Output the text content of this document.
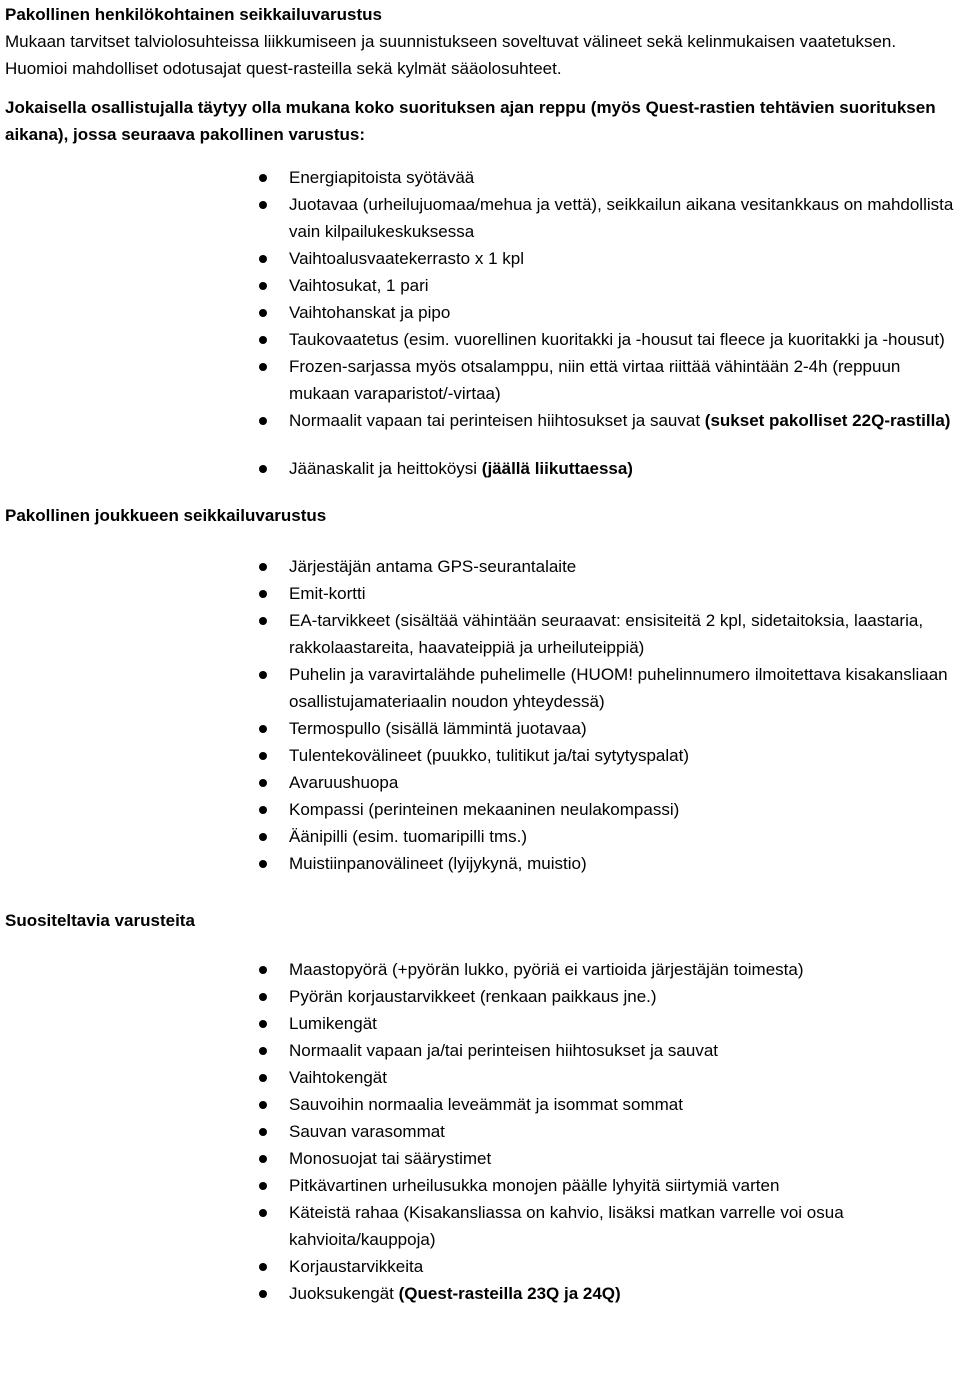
Pakollinen henkilökohtainen seikkailuvarustus
Mukaan tarvitset talviolosuhteissa liikkumiseen ja suunnistukseen soveltuvat välineet sekä kelinmukaisen vaatetuksen. Huomioi mahdolliset odotusajat quest-rasteilla sekä kylmät sääolosuhteet.
Jokaisella osallistujalla täytyy olla mukana koko suorituksen ajan reppu (myös Quest-rastien tehtävien suorituksen aikana), jossa seuraava pakollinen varustus:
Energiapitoista syötävää
Juotavaa (urheilujuomaa/mehua ja vettä), seikkailun aikana vesitankkaus on mahdollista vain kilpailukeskuksessa
Vaihtoalusvaatekerrasto x 1 kpl
Vaihtosukat, 1 pari
Vaihtohanskat ja pipo
Taukovaatetus (esim. vuorellinen kuoritakki ja -housut tai fleece ja kuoritakki ja -housut)
Frozen-sarjassa myös otsalamppu, niin että virtaa riittää vähintään 2-4h (reppuun mukaan varaparistot/-virtaa)
Normaalit vapaan tai perinteisen hiihtosukset ja sauvat (sukset pakolliset 22Q-rastilla)
Jäänaskalit ja heittoköysi (jäällä liikuttaessa)
Pakollinen joukkueen seikkailuvarustus
Järjestäjän antama GPS-seurantalaite
Emit-kortti
EA-tarvikkeet (sisältää vähintään seuraavat: ensisiteitä 2 kpl, sidetaitoksia, laastaria, rakkolaastareita, haavateippiä ja urheiluteippiä)
Puhelin ja varavirtalähde puhelimelle (HUOM! puhelinnumero ilmoitettava kisakansliaan osallistujamateriaalin noudon yhteydessä)
Termospullo (sisällä lämmintä juotavaa)
Tulentekovälineet (puukko, tulitikut ja/tai sytytyspalat)
Avaruushuopa
Kompassi (perinteinen mekaaninen neulakompassi)
Äänipilli (esim. tuomaripilli tms.)
Muistiinpanovälineet (lyijykynä, muistio)
Suositeltavia varusteita
Maastopyörä (+pyörän lukko, pyöriä ei vartioida järjestäjän toimesta)
Pyörän korjaustarvikkeet (renkaan paikkaus jne.)
Lumikengät
Normaalit vapaan ja/tai perinteisen hiihtosukset ja sauvat
Vaihtokengät
Sauvoihin normaalia leveämmät ja isommat sommat
Sauvan varasommat
Monosuojat tai säärystimet
Pitkävartinen urheilusukka monojen päälle lyhyitä siirtymiä varten
Käteistä rahaa (Kisakansliassa on kahvio, lisäksi matkan varrelle voi osua kahvioita/kauppoja)
Korjaustarvikkeita
Juoksukengät (Quest-rasteilla 23Q ja 24Q)
